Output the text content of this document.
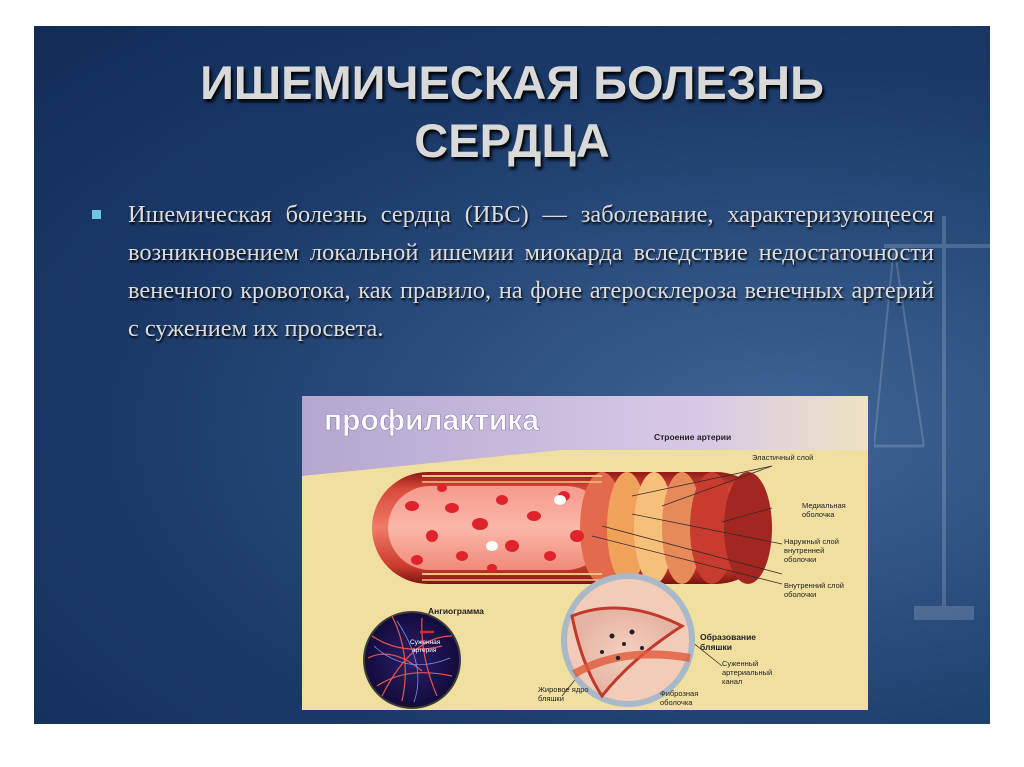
ИШЕМИЧЕСКАЯ БОЛЕЗНЬ
СЕРДЦА
Ишемическая болезнь сердца (ИБС) — заболевание, характеризующееся возникновением локальной ишемии миокарда вследствие недостаточности венечного кровотока, как правило, на фоне атеросклероза венечных артерий с сужением их просвета.
профилактика	Строение артерии
Эластичный слой
Медиальная
оболочка
Наружный слой
внутренней
оболочки
Внутренний слой
оболочки
Ангиограмма
Суженная
артерия
Образование
бляшки
Суженный
артериальный
канал
Фиброзная
оболочка
Жировое ядро
бляшки
